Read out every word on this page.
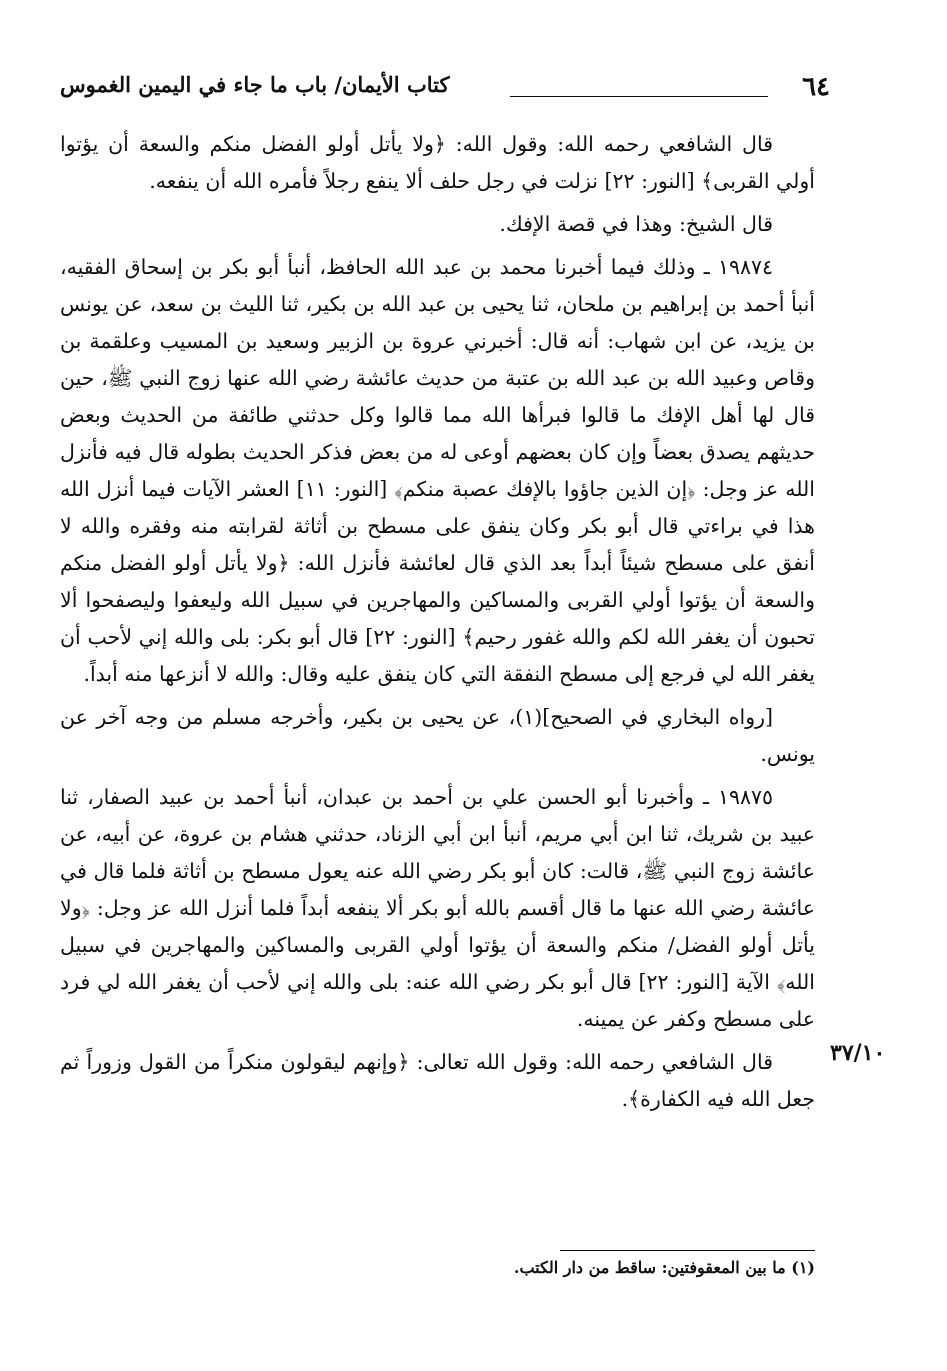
٦٤
كتاب الأيمان/ باب ما جاء في اليمين الغموس

قال الشافعي رحمه الله: وقول الله: ﴿ولا يأتل أولو الفضل منكم والسعة أن يؤتوا أولي القربى﴾ [النور: ٢٢] نزلت في رجل حلف ألا ينفع رجلاً فأمره الله أن ينفعه.

قال الشيخ: وهذا في قصة الإفك.

١٩٨٧٤ ـ وذلك فيما أخبرنا محمد بن عبد الله الحافظ، أنبأ أبو بكر بن إسحاق الفقيه، أنبأ أحمد بن إبراهيم بن ملحان، ثنا يحيى بن عبد الله بن بكير، ثنا الليث بن سعد، عن يونس بن يزيد، عن ابن شهاب: أنه قال: أخبرني عروة بن الزبير وسعيد بن المسيب وعلقمة بن وقاص وعبيد الله بن عبد الله بن عتبة من حديث عائشة رضي الله عنها زوج النبي ﷺ، حين قال لها أهل الإفك ما قالوا فبرأها الله مما قالوا وكل حدثني طائفة من الحديث وبعض حديثهم يصدق بعضاً وإن كان بعضهم أوعى له من بعض فذكر الحديث بطوله قال فيه فأنزل الله عز وجل: ﴿إن الذين جاؤوا بالإفك عصبة منكم﴾ [النور: ١١] العشر الآيات فيما أنزل الله هذا في براءتي قال أبو بكر وكان ينفق على مسطح بن أثاثة لقرابته منه وفقره والله لا أنفق على مسطح شيئاً أبداً بعد الذي قال لعائشة فأنزل الله: ﴿ولا يأتل أولو الفضل منكم والسعة أن يؤتوا أولي القربى والمساكين والمهاجرين في سبيل الله وليعفوا وليصفحوا ألا تحبون أن يغفر الله لكم والله غفور رحيم﴾ [النور: ٢٢] قال أبو بكر: بلى والله إني لأحب أن يغفر الله لي فرجع إلى مسطح النفقة التي كان ينفق عليه وقال: والله لا أنزعها منه أبداً.

[رواه البخاري في الصحيح](١)، عن يحيى بن بكير، وأخرجه مسلم من وجه آخر عن يونس.

١٩٨٧٥ ـ وأخبرنا أبو الحسن علي بن أحمد بن عبدان، أنبأ أحمد بن عبيد الصفار، ثنا عبيد بن شريك، ثنا ابن أبي مريم، أنبأ ابن أبي الزناد، حدثني هشام بن عروة، عن أبيه، عن عائشة زوج النبي ﷺ، قالت: كان أبو بكر رضي الله عنه يعول مسطح بن أثاثة فلما قال في عائشة رضي الله عنها ما قال أقسم بالله أبو بكر ألا ينفعه أبداً فلما أنزل الله عز وجل: ﴿ولا يأتل أولو الفضل/ منكم والسعة أن يؤتوا أولي القربى والمساكين والمهاجرين في سبيل الله﴾ الآية [النور: ٢٢] قال أبو بكر رضي الله عنه: بلى والله إني لأحب أن يغفر الله لي فرد على مسطح وكفر عن يمينه.

قال الشافعي رحمه الله: وقول الله تعالى: ﴿وإنهم ليقولون منكراً من القول وزوراً ثم جعل الله فيه الكفارة﴾.

٣٧/١٠
(١) ما بين المعقوفتين: ساقط من دار الكتب.
